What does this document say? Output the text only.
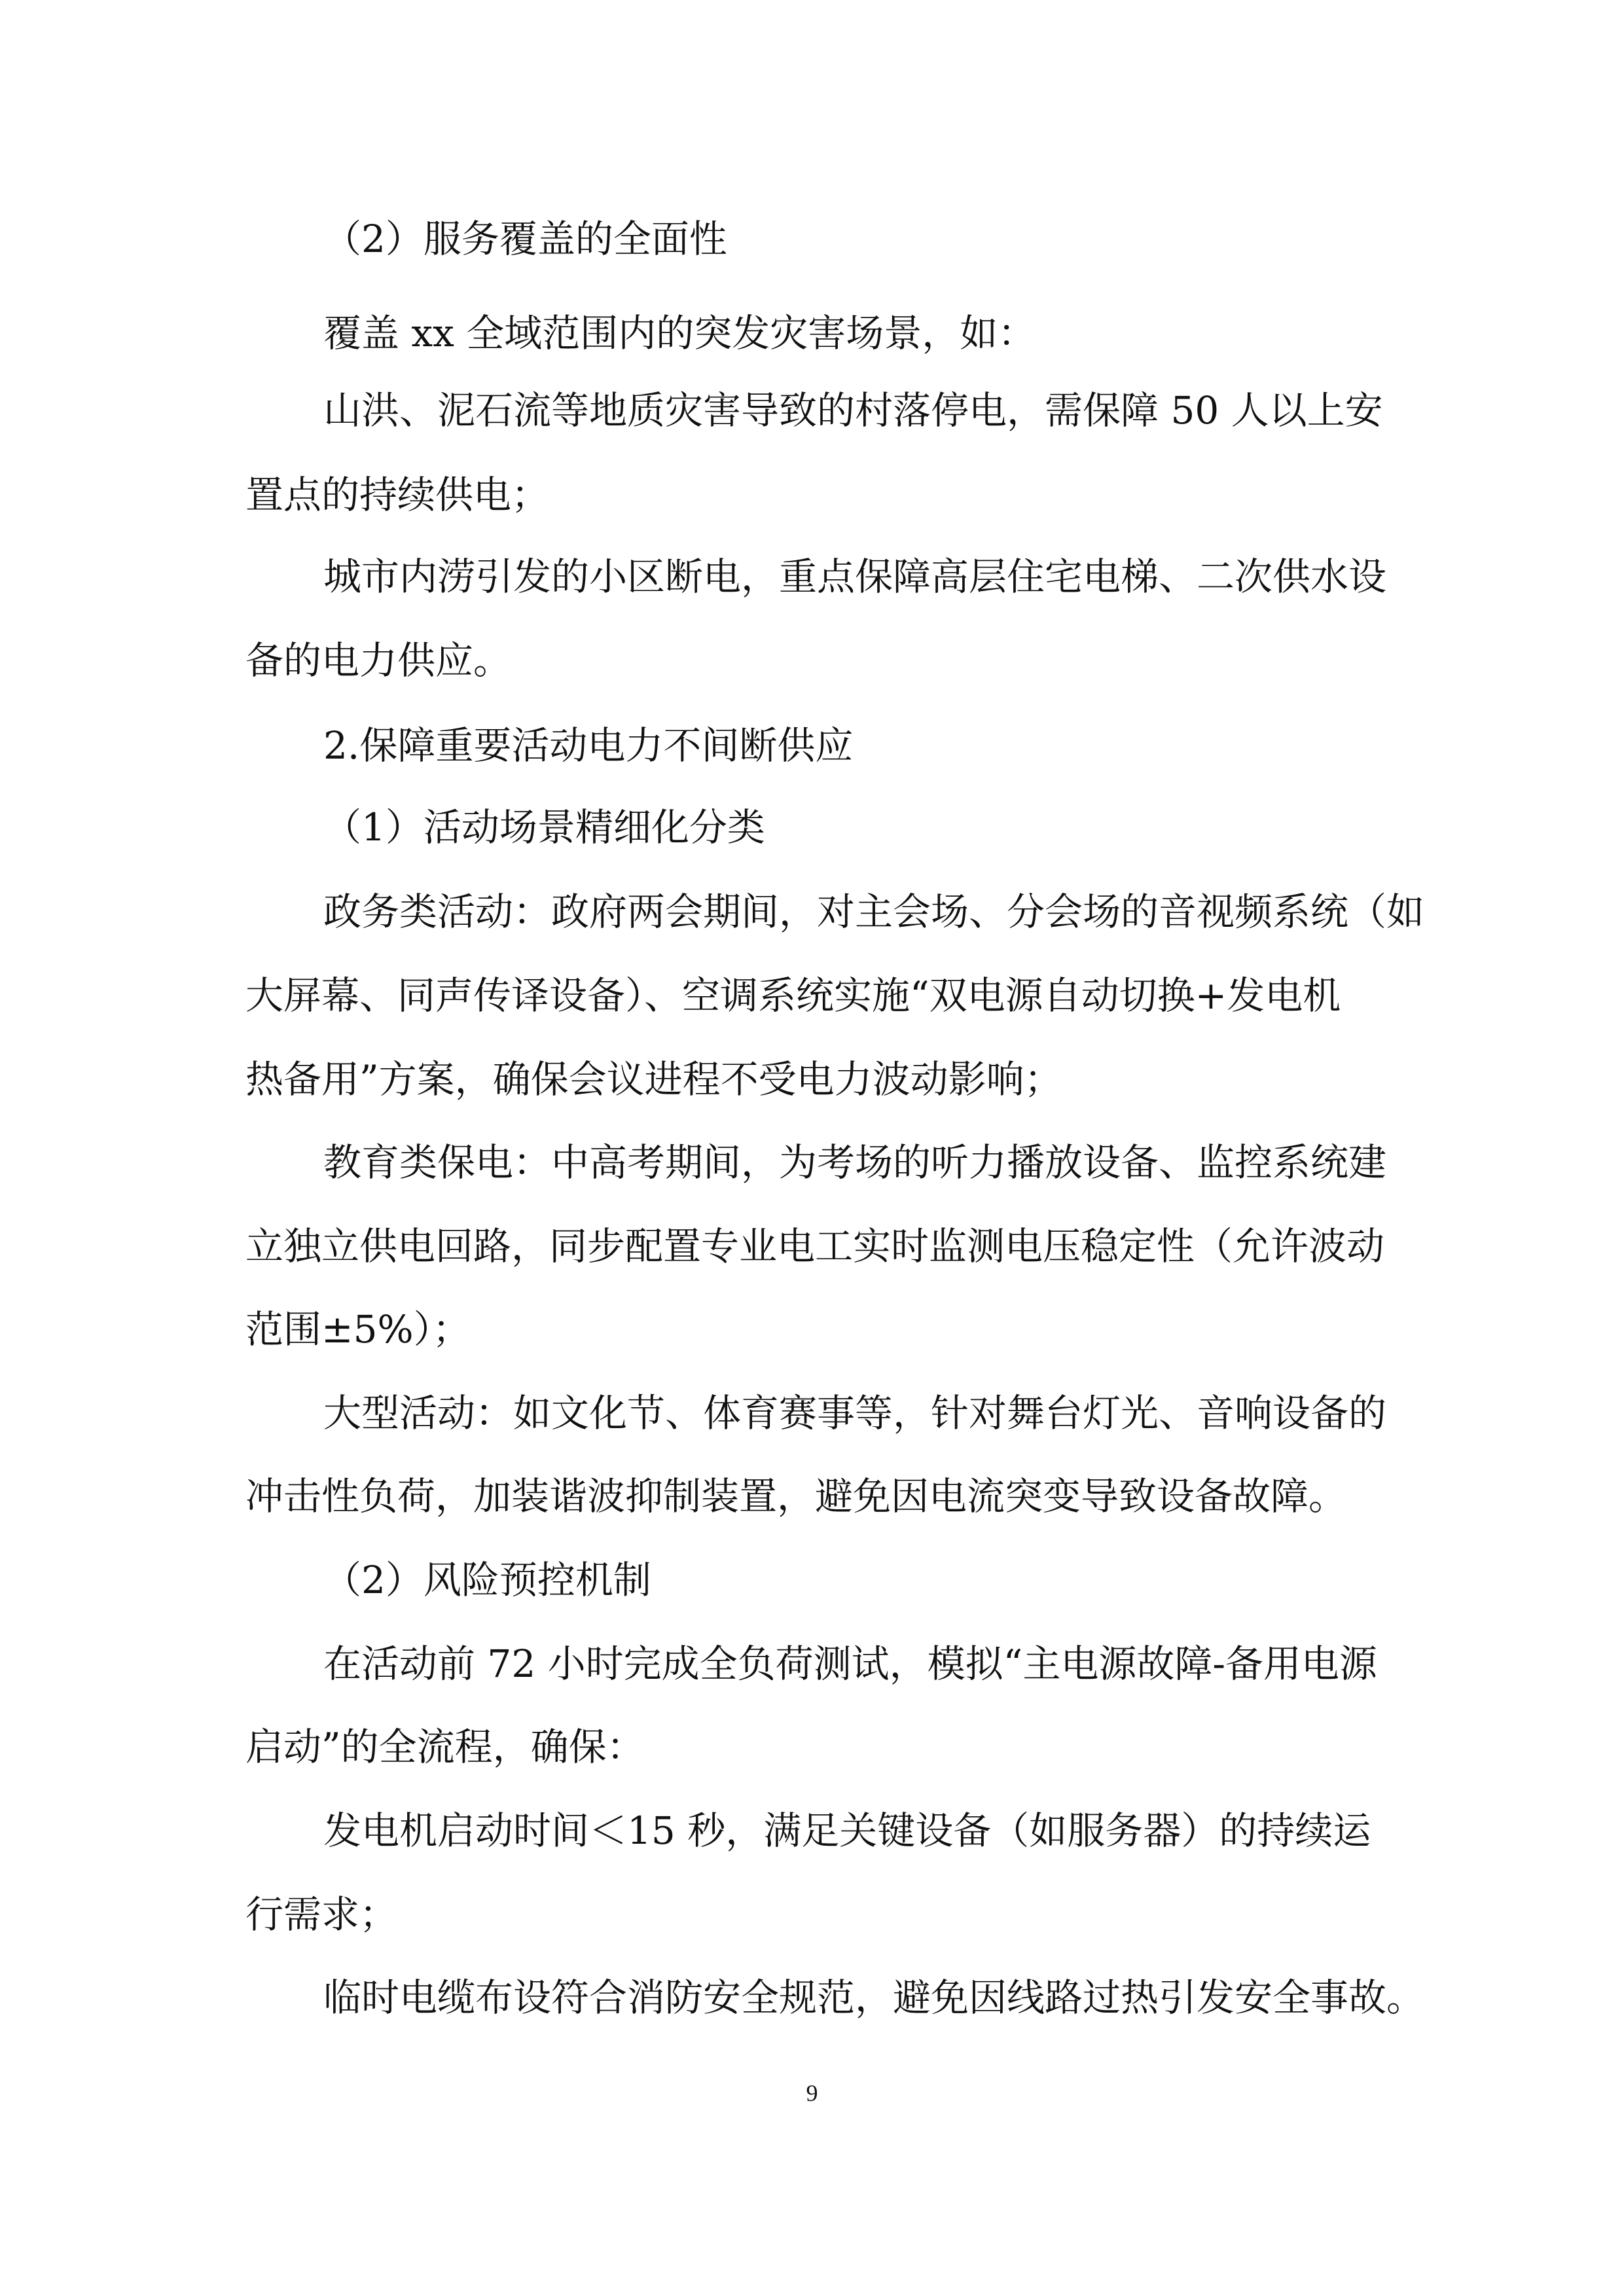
（2）服务覆盖的全面性

覆盖 xx 全域范围内的突发灾害场景，如：

山洪、泥石流等地质灾害导致的村落停电，需保障 50 人以上安

置点的持续供电；

城市内涝引发的小区断电，重点保障高层住宅电梯、二次供水设

备的电力供应。

2.保障重要活动电力不间断供应

（1）活动场景精细化分类

政务类活动：政府两会期间，对主会场、分会场的音视频系统（如

大屏幕、同声传译设备）、空调系统实施“双电源自动切换+发电机

热备用”方案，确保会议进程不受电力波动影响；

教育类保电：中高考期间，为考场的听力播放设备、监控系统建

立独立供电回路，同步配置专业电工实时监测电压稳定性（允许波动

范围±5%）；

大型活动：如文化节、体育赛事等，针对舞台灯光、音响设备的

冲击性负荷，加装谐波抑制装置，避免因电流突变导致设备故障。

（2）风险预控机制

在活动前 72 小时完成全负荷测试，模拟“主电源故障-备用电源

启动”的全流程，确保：

发电机启动时间＜15 秒，满足关键设备（如服务器）的持续运

行需求；

临时电缆布设符合消防安全规范，避免因线路过热引发安全事故。

9
